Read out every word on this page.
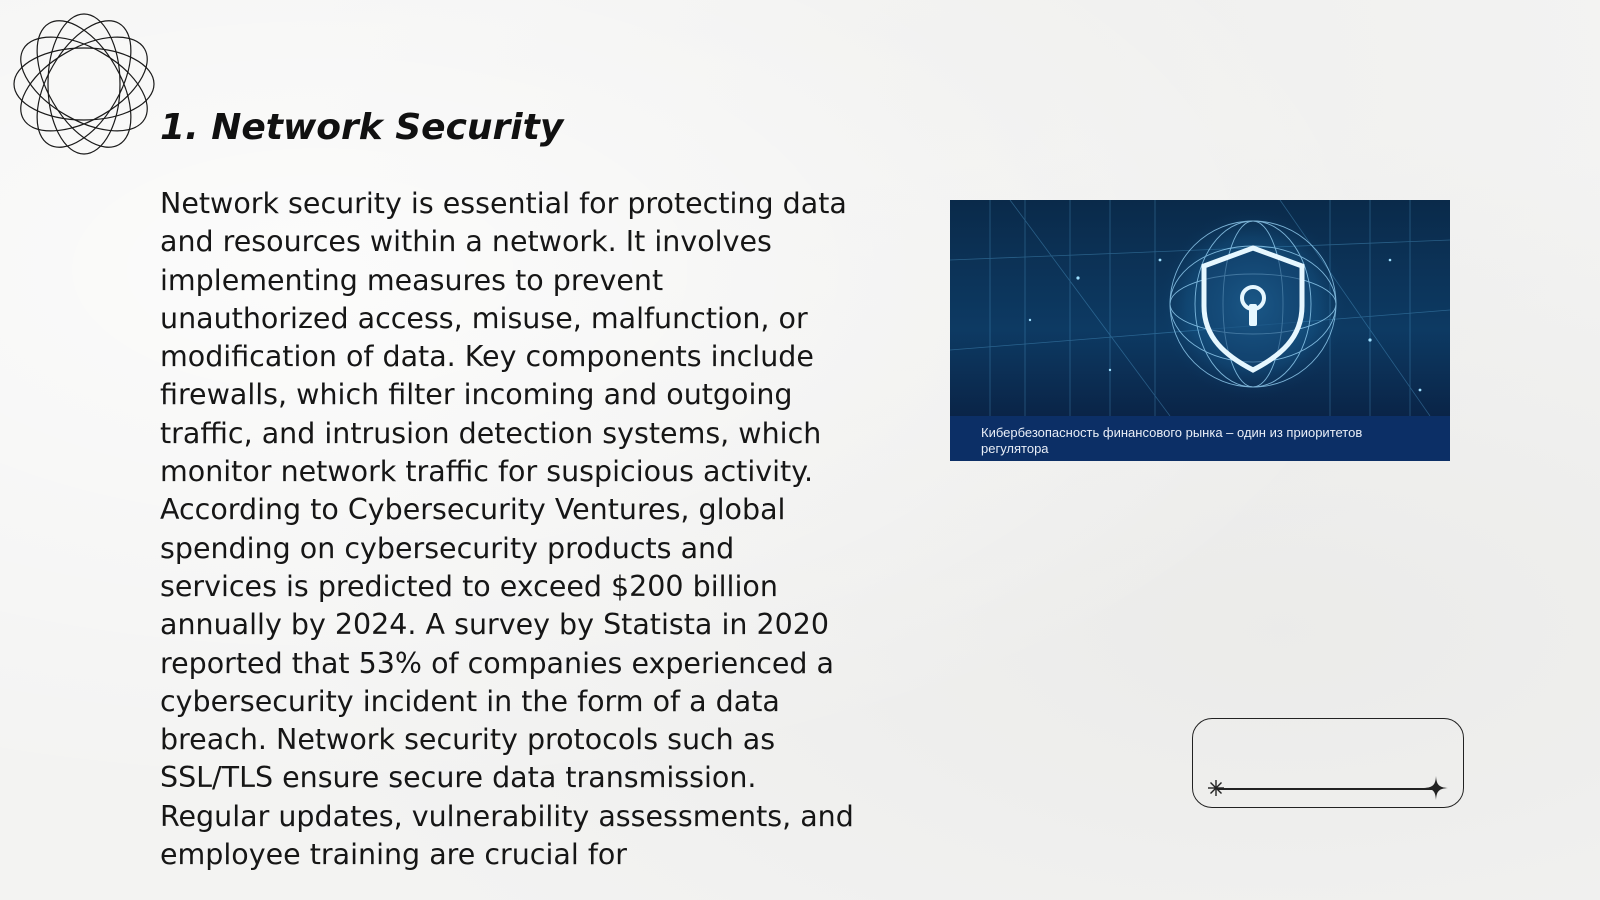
1. Network Security

Network security is essential for protecting data and resources within a network. It involves implementing measures to prevent unauthorized access, misuse, malfunction, or modification of data. Key components include firewalls, which filter incoming and outgoing traffic, and intrusion detection systems, which monitor network traffic for suspicious activity. According to Cybersecurity Ventures, global spending on cybersecurity products and services is predicted to exceed $200 billion annually by 2024. A survey by Statista in 2020 reported that 53% of companies experienced a cybersecurity incident in the form of a data breach. Network security protocols such as SSL/TLS ensure secure data transmission. Regular updates, vulnerability assessments, and employee training are crucial for

Кибербезопасность финансового рынка – один из приоритетов регулятора
